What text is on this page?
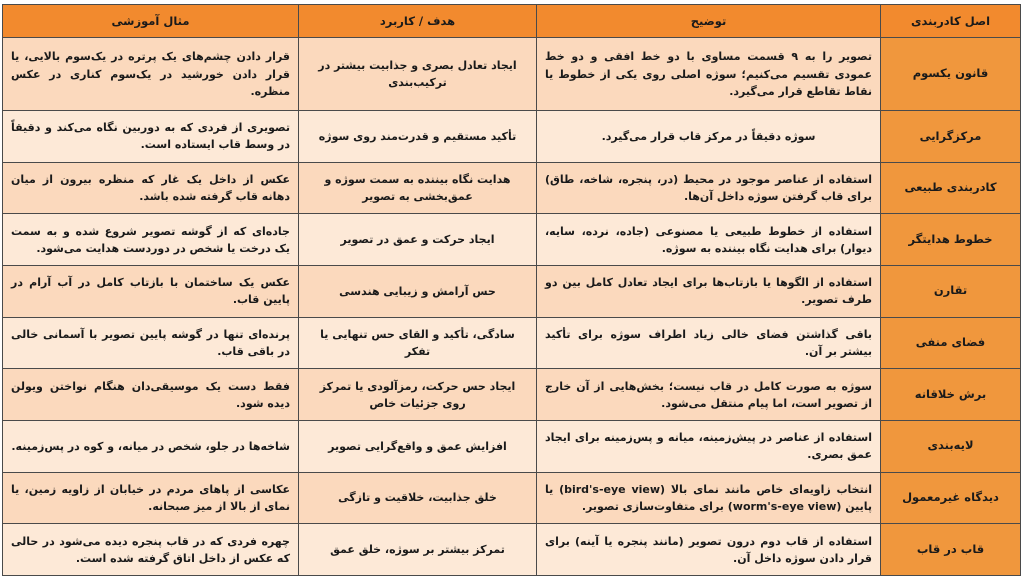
اصل کادربندی	توضیح	هدف / کاربرد	مثال آموزشی
قانون یکسوم	تصویر را به ۹ قسمت مساوی با دو خط افقی و دو خط عمودی تقسیم می‌کنیم؛ سوژه اصلی روی یکی از خطوط یا نقاط تقاطع قرار می‌گیرد.	ایجاد تعادل بصری و جذابیت بیشتر در ترکیب‌بندی	قرار دادن چشم‌های یک پرتره در یک‌سوم بالایی، یا قرار دادن خورشید در یک‌سوم کناری در عکس منظره.
مرکزگرایی	سوژه دقیقاً در مرکز قاب قرار می‌گیرد.	تأکید مستقیم و قدرت‌مند روی سوژه	تصویری از فردی که به دوربین نگاه می‌کند و دقیقاً در وسط قاب ایستاده است.
کادربندی طبیعی	استفاده از عناصر موجود در محیط (در، پنجره، شاخه، طاق) برای قاب گرفتن سوژه داخل آن‌ها.	هدایت نگاه بیننده به سمت سوژه و عمق‌بخشی به تصویر	عکس از داخل یک غار که منظره بیرون از میان دهانه قاب گرفته شده باشد.
خطوط هدایتگر	استفاده از خطوط طبیعی یا مصنوعی (جاده، نرده، سایه، دیوار) برای هدایت نگاه بیننده به سوژه.	ایجاد حرکت و عمق در تصویر	جاده‌ای که از گوشه تصویر شروع شده و به سمت یک درخت یا شخص در دوردست هدایت می‌شود.
تقارن	استفاده از الگوها یا بازتاب‌ها برای ایجاد تعادل کامل بین دو طرف تصویر.	حس آرامش و زیبایی هندسی	عکس یک ساختمان با بازتاب کامل در آب آرام در پایین قاب.
فضای منفی	باقی گذاشتن فضای خالی زیاد اطراف سوژه برای تأکید بیشتر بر آن.	سادگی، تأکید و القای حس تنهایی یا تفکر	پرنده‌ای تنها در گوشه پایین تصویر با آسمانی خالی در باقی قاب.
برش خلاقانه	سوژه به صورت کامل در قاب نیست؛ بخش‌هایی از آن خارج از تصویر است، اما پیام منتقل می‌شود.	ایجاد حس حرکت، رمزآلودی یا تمرکز روی جزئیات خاص	فقط دست یک موسیقی‌دان هنگام نواختن ویولن دیده شود.
لایه‌بندی	استفاده از عناصر در پیش‌زمینه، میانه و پس‌زمینه برای ایجاد عمق بصری.	افزایش عمق و واقع‌گرایی تصویر	شاخه‌ها در جلو، شخص در میانه، و کوه در پس‌زمینه.
دیدگاه غیرمعمول	انتخاب زاویه‌ای خاص مانند نمای بالا (bird's-eye view) یا پایین (worm's-eye view) برای متفاوت‌سازی تصویر.	خلق جذابیت، خلاقیت و تازگی	عکاسی از پاهای مردم در خیابان از زاویه زمین، یا نمای از بالا از میز صبحانه.
قاب در قاب	استفاده از قاب دوم درون تصویر (مانند پنجره یا آینه) برای قرار دادن سوژه داخل آن.	تمرکز بیشتر بر سوژه، خلق عمق	چهره فردی که در قاب پنجره دیده می‌شود در حالی که عکس از داخل اتاق گرفته شده است.
